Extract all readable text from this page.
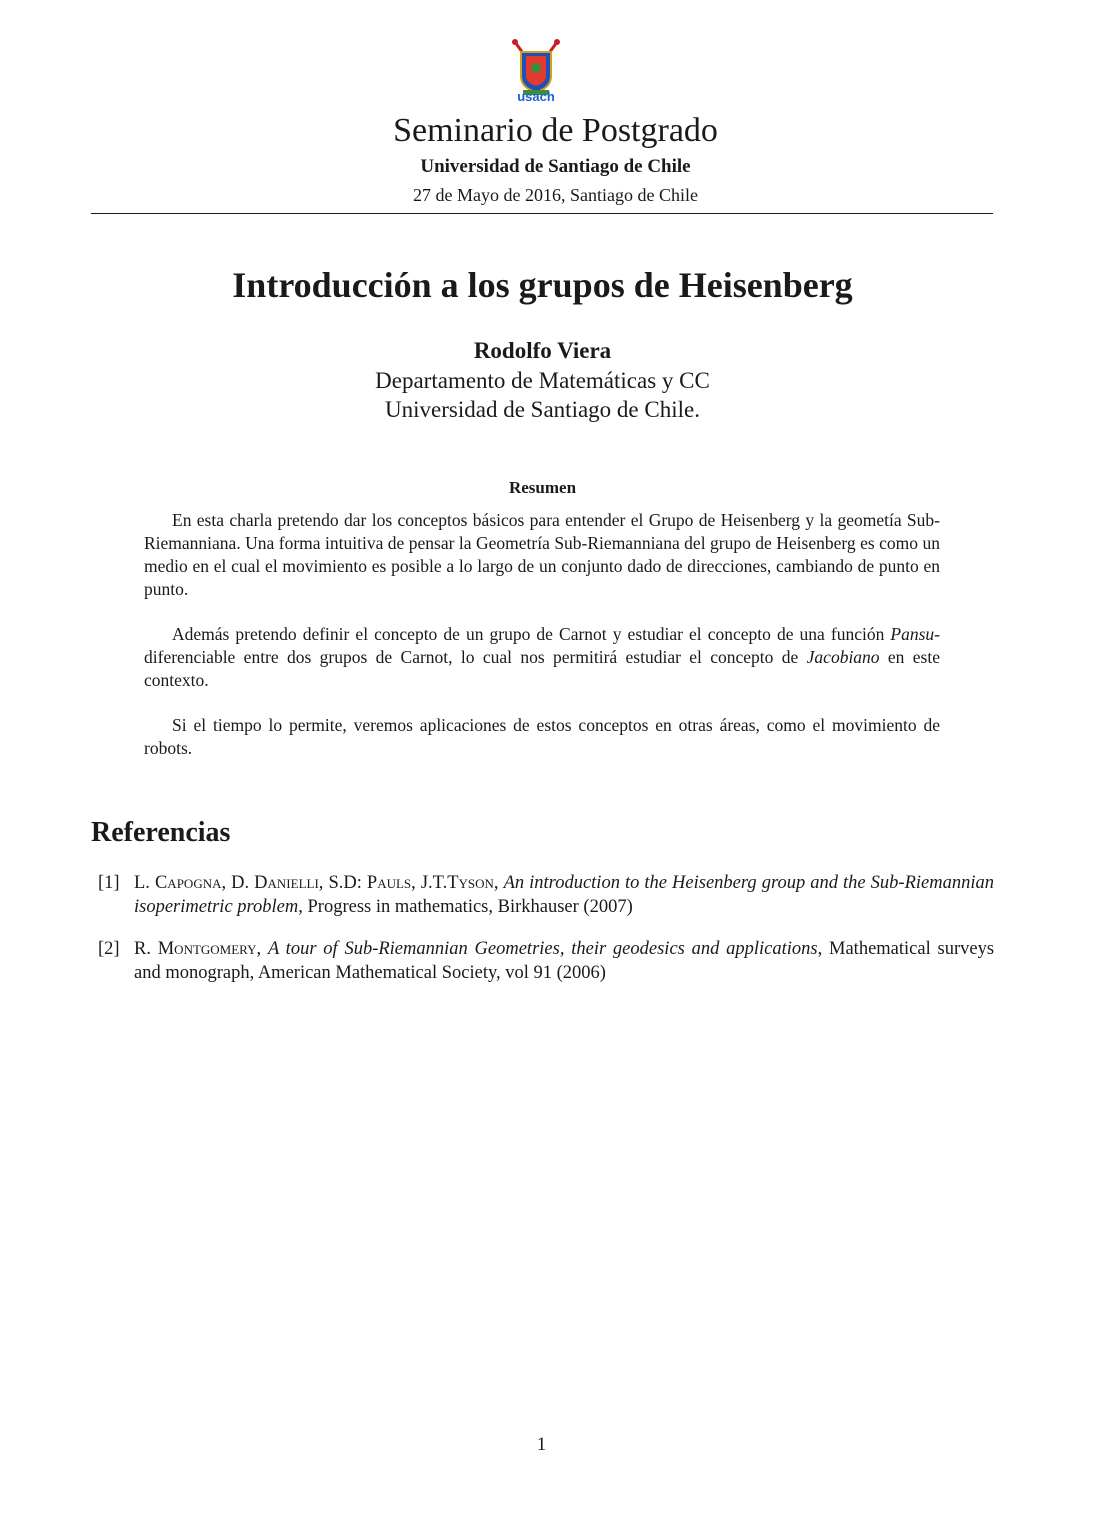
usach
Seminario de Postgrado
Universidad de Santiago de Chile
27 de Mayo de 2016, Santiago de Chile
Introducción a los grupos de Heisenberg
Rodolfo Viera
Departamento de Matemáticas y CC
Universidad de Santiago de Chile.
Resumen

En esta charla pretendo dar los conceptos básicos para entender el Grupo de Heisenberg y la geometía Sub-Riemanniana. Una forma intuitiva de pensar la Geometría Sub-Riemanniana del grupo de Heisenberg es como un medio en el cual el movimiento es posible a lo largo de un conjunto dado de direcciones, cambiando de punto en punto.

Además pretendo definir el concepto de un grupo de Carnot y estudiar el concepto de una función Pansu-diferenciable entre dos grupos de Carnot, lo cual nos permitirá estudiar el concepto de Jacobiano en este contexto.

Si el tiempo lo permite, veremos aplicaciones de estos conceptos en otras áreas, como el movimiento de robots.

Referencias
[1] L. Capogna, D. Danielli, S.D: Pauls, J.T.Tyson, An introduction to the Heisenberg group and the Sub-Riemannian isoperimetric problem, Progress in mathematics, Birkhauser (2007)
[2] R. Montgomery, A tour of Sub-Riemannian Geometries, their geodesics and applications, Mathematical surveys and monograph, American Mathematical Society, vol 91 (2006)
1
